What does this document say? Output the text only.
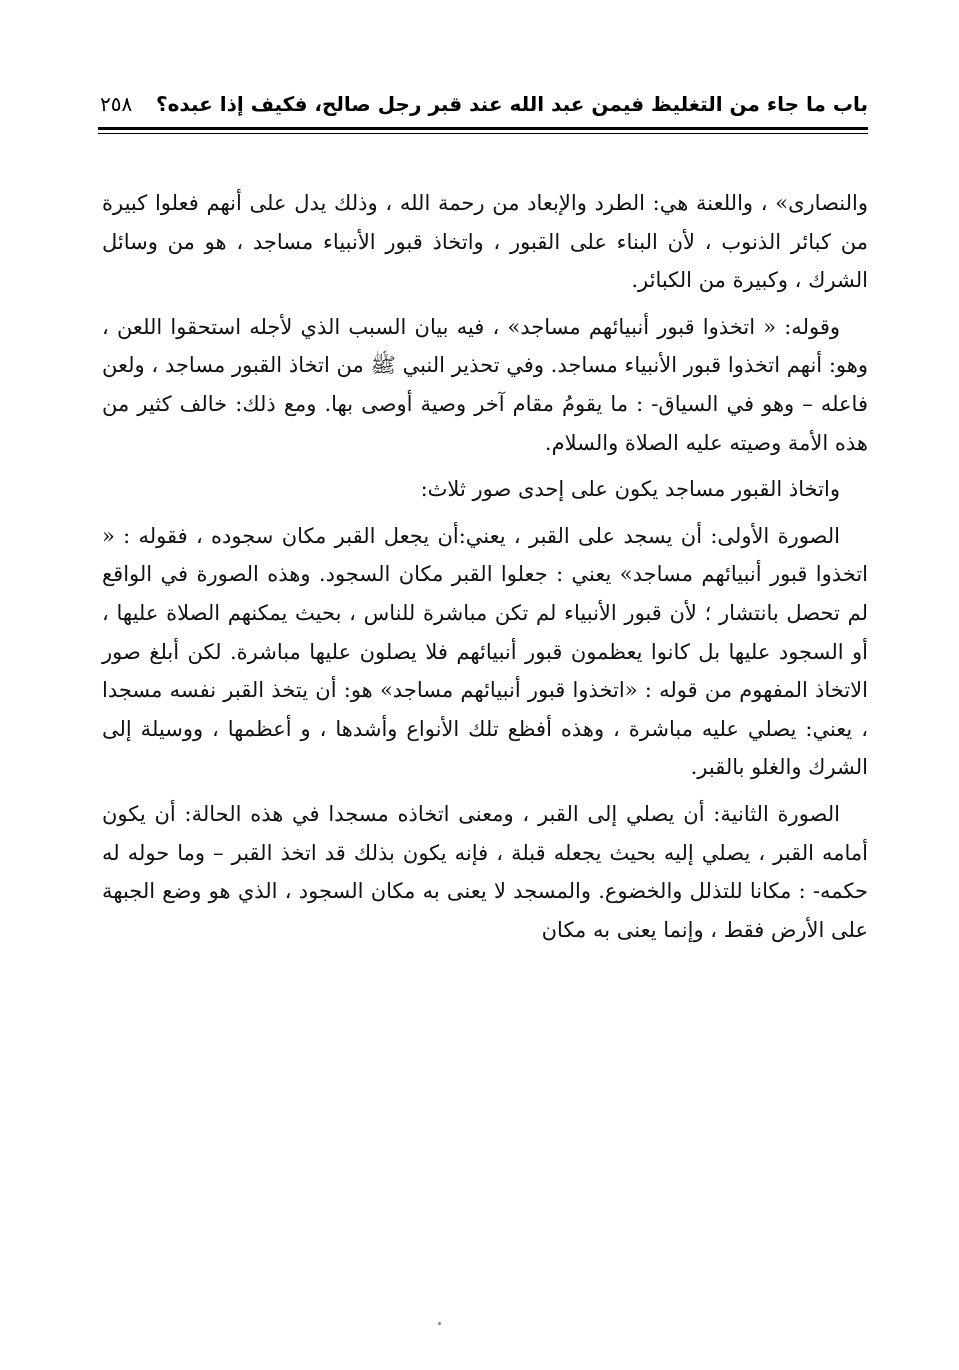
باب ما جاء من التغليظ فيمن عبد الله عند قبر رجل صالح، فكيف إذا عبده؟
٢٥٨

والنصارى» ، واللعنة هي: الطرد والإبعاد من رحمة الله ، وذلك يدل على أنهم فعلوا كبيرة من كبائر الذنوب ، لأن البناء على القبور ، واتخاذ قبور الأنبياء مساجد ، هو من وسائل الشرك ، وكبيرة من الكبائر.

وقوله: « اتخذوا قبور أنبيائهم مساجد» ، فيه بيان السبب الذي لأجله استحقوا اللعن ، وهو: أنهم اتخذوا قبور الأنبياء مساجد. وفي تحذير النبي ﷺ من اتخاذ القبور مساجد ، ولعن فاعله – وهو في السياق- : ما يقومُ مقام آخر وصية أوصى بها. ومع ذلك: خالف كثير من هذه الأمة وصيته عليه الصلاة والسلام.

واتخاذ القبور مساجد يكون على إحدى صور ثلاث:

الصورة الأولى: أن يسجد على القبر ، يعني:أن يجعل القبر مكان سجوده ، فقوله : « اتخذوا قبور أنبيائهم مساجد» يعني : جعلوا القبر مكان السجود. وهذه الصورة في الواقع لم تحصل بانتشار ؛ لأن قبور الأنبياء لم تكن مباشرة للناس ، بحيث يمكنهم الصلاة عليها ، أو السجود عليها بل كانوا يعظمون قبور أنبيائهم فلا يصلون عليها مباشرة. لكن أبلغ صور الاتخاذ المفهوم من قوله : «اتخذوا قبور أنبيائهم مساجد» هو: أن يتخذ القبر نفسه مسجدا ، يعني: يصلي عليه مباشرة ، وهذه أفظع تلك الأنواع وأشدها ، و أعظمها ، ووسيلة إلى الشرك والغلو بالقبر.

الصورة الثانية: أن يصلي إلى القبر ، ومعنى اتخاذه مسجدا في هذه الحالة: أن يكون أمامه القبر ، يصلي إليه بحيث يجعله قبلة ، فإنه يكون بذلك قد اتخذ القبر – وما حوله له حكمه- : مكانا للتذلل والخضوع. والمسجد لا يعنى به مكان السجود ، الذي هو وضع الجبهة على الأرض فقط ، وإنما يعنى به مكان
